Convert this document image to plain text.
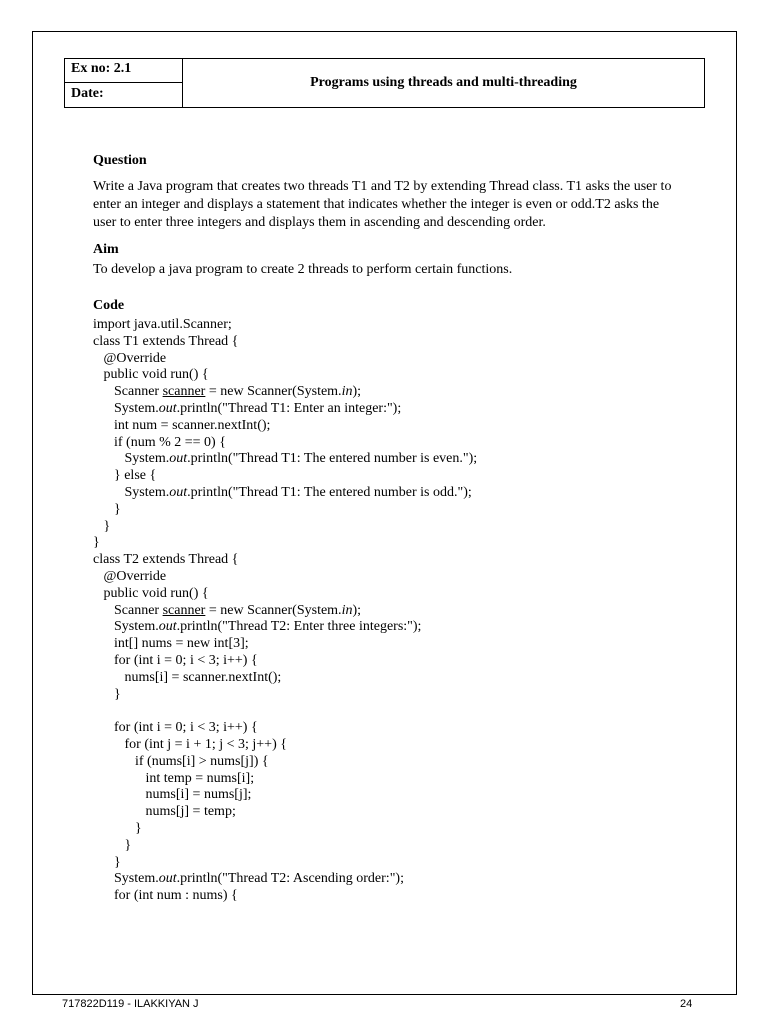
Ex no: 2.1
Date:
Programs using threads and multi-threading
Question
Write a Java program that creates two threads T1 and T2 by extending Thread class. T1 asks the user to enter an integer and displays a statement that indicates whether the integer is even or odd.T2 asks the user to enter three integers and displays them in ascending and descending order.
Aim
To develop a java program to create 2 threads to perform certain functions.
Code
import java.util.Scanner;
class T1 extends Thread {
@Override
public void run() {
Scanner scanner = new Scanner(System.in);
System.out.println("Thread T1: Enter an integer:");
int num = scanner.nextInt();
if (num % 2 == 0) {
System.out.println("Thread T1: The entered number is even.");
} else {
System.out.println("Thread T1: The entered number is odd.");
}
}
}
class T2 extends Thread {
@Override
public void run() {
Scanner scanner = new Scanner(System.in);
System.out.println("Thread T2: Enter three integers:");
int[] nums = new int[3];
for (int i = 0; i < 3; i++) {
nums[i] = scanner.nextInt();
}

for (int i = 0; i < 3; i++) {
for (int j = i + 1; j < 3; j++) {
if (nums[i] > nums[j]) {
int temp = nums[i];
nums[i] = nums[j];
nums[j] = temp;
}
}
}
System.out.println("Thread T2: Ascending order:");
for (int num : nums) {
717822D119 - ILAKKIYAN J	24
